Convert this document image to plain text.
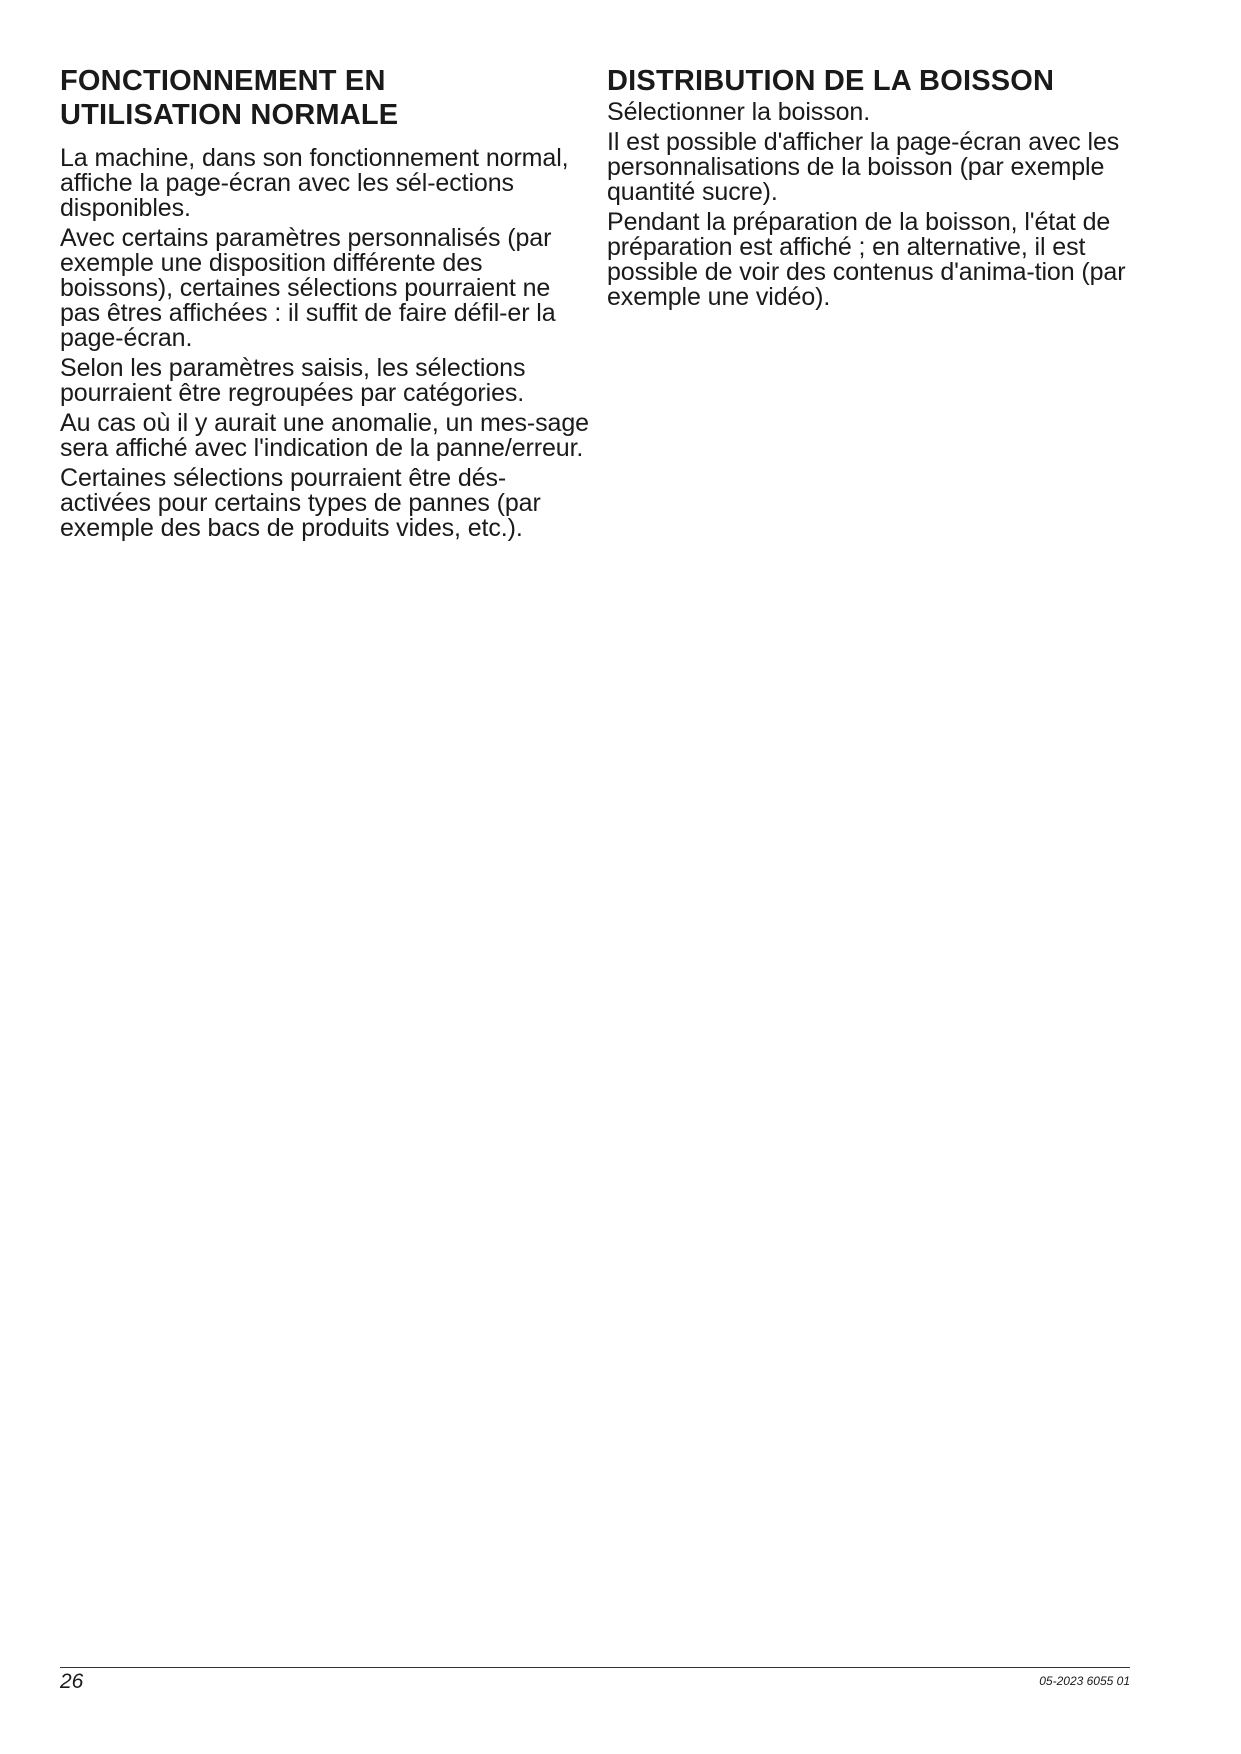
FONCTIONNEMENT EN
UTILISATION NORMALE

La machine, dans son fonctionnement normal, affiche la page-écran avec les sél-ections disponibles.

Avec certains paramètres personnalisés (par exemple une disposition différente des boissons), certaines sélections pourraient ne pas êtres affichées : il suffit de faire défil-er la page-écran.

Selon les paramètres saisis, les sélections pourraient être regroupées par catégories.

Au cas où il y aurait une anomalie, un mes-sage sera affiché avec l'indication de la panne/erreur.

Certaines sélections pourraient être dés-activées pour certains types de pannes (par exemple des bacs de produits vides, etc.).

DISTRIBUTION DE LA BOISSON

Sélectionner la boisson.

Il est possible d'afficher la page-écran avec les personnalisations de la boisson (par exemple quantité sucre).

Pendant la préparation de la boisson, l'état de préparation est affiché ; en alternative, il est possible de voir des contenus d'anima-tion (par exemple une vidéo).

26	05-2023 6055 01
